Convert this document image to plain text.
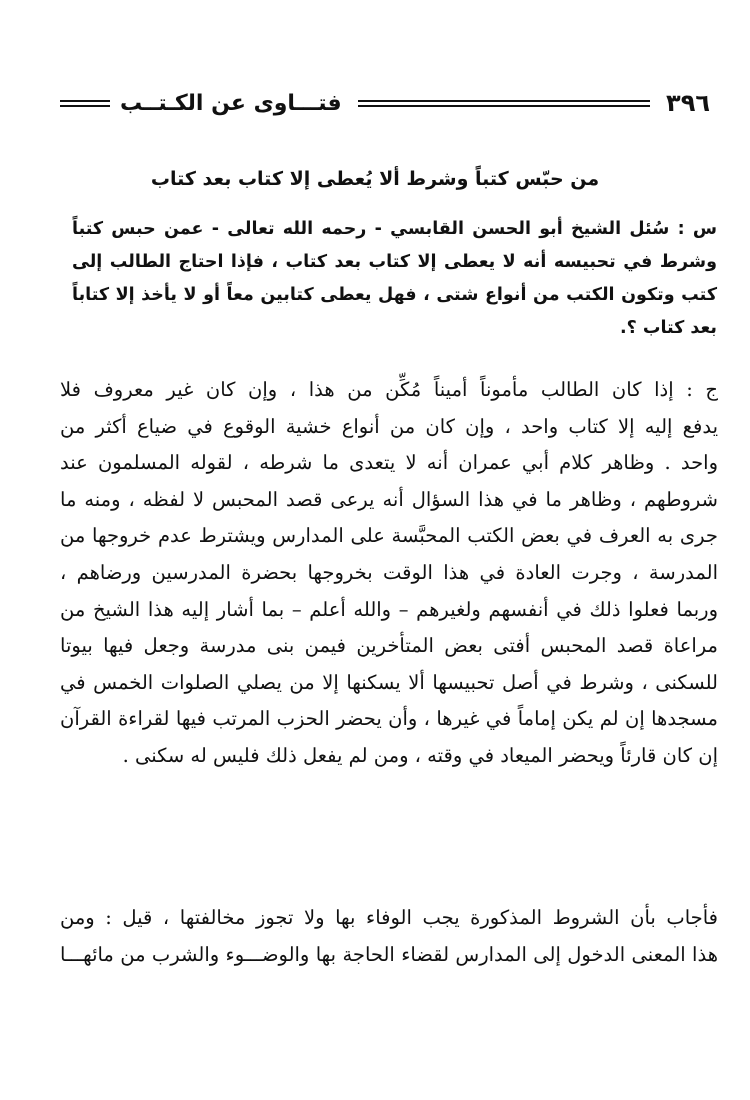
٣٩٦
فتـــاوى عن الكـتــب
من حبّس كتباً وشرط ألا يُعطى إلا كتاب بعد كتاب
س : سُئل الشيخ أبو الحسن القابسي - رحمه الله تعالى - عمن حبس كتباً
وشرط في تحبيسه أنه لا يعطى إلا كتاب بعد كتاب ، فإذا احتاج الطالب إلى
كتب وتكون الكتب من أنواع شتى ، فهل يعطى كتابين معاً أو لا يأخذ إلا كتاباً
بعد كتاب ؟.
ج : إذا كان الطالب مأموناً أميناً مُكِّن من هذا ، وإن كان غير معروف فلا
يدفع إليه إلا كتاب واحد ، وإن كان من أنواع خشية الوقوع في ضياع أكثر من
واحد . وظاهر كلام أبي عمران أنه لا يتعدى ما شرطه ، لقوله المسلمون عند
شروطهم ، وظاهر ما في هذا السؤال أنه يرعى قصد المحبس لا لفظه ، ومنه ما
جرى به العرف في بعض الكتب المحبَّسة على المدارس ويشترط عدم خروجها من
المدرسة ، وجرت العادة في هذا الوقت بخروجها بحضرة المدرسين ورضاهم ،
وربما فعلوا ذلك في أنفسهم ولغيرهم – والله أعلم – بما أشار إليه هذا الشيخ من
مراعاة قصد المحبس أفتى بعض المتأخرين فيمن بنى مدرسة وجعل فيها بيوتا
للسكنى ، وشرط في أصل تحبيسها ألا يسكنها إلا من يصلي الصلوات الخمس في
مسجدها إن لم يكن إماماً في غيرها ، وأن يحضر الحزب المرتب فيها لقراءة القرآن
إن كان قارئاً ويحضر الميعاد في وقته ، ومن لم يفعل ذلك فليس له سكنى .
فأجاب بأن الشروط المذكورة يجب الوفاء بها ولا تجوز مخالفتها ، قيل : ومن
هذا المعنى الدخول إلى المدارس لقضاء الحاجة بها والوضـــوء والشرب من مائهـــا
